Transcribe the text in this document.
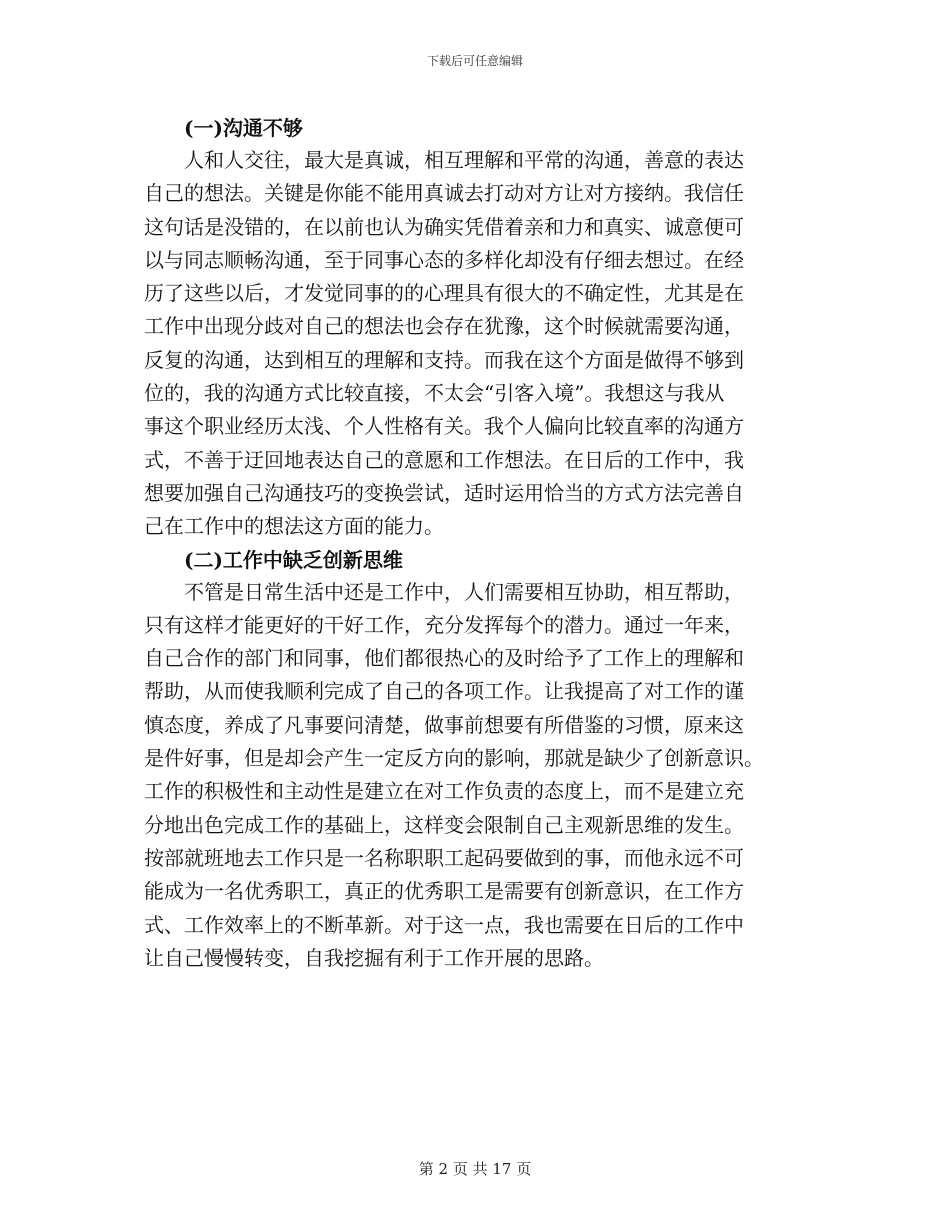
下载后可任意编辑
(一)沟通不够
人和人交往，最大是真诚，相互理解和平常的沟通，善意的表达
自己的想法。关键是你能不能用真诚去打动对方让对方接纳。我信任
这句话是没错的，在以前也认为确实凭借着亲和力和真实、诚意便可
以与同志顺畅沟通，至于同事心态的多样化却没有仔细去想过。在经
历了这些以后，才发觉同事的的心理具有很大的不确定性，尤其是在
工作中出现分歧对自己的想法也会存在犹豫，这个时候就需要沟通，
反复的沟通，达到相互的理解和支持。而我在这个方面是做得不够到
位的，我的沟通方式比较直接，不太会“引客入境”。我想这与我从
事这个职业经历太浅、个人性格有关。我个人偏向比较直率的沟通方
式，不善于迂回地表达自己的意愿和工作想法。在日后的工作中，我
想要加强自己沟通技巧的变换尝试，适时运用恰当的方式方法完善自
己在工作中的想法这方面的能力。
(二)工作中缺乏创新思维
不管是日常生活中还是工作中，人们需要相互协助，相互帮助，
只有这样才能更好的干好工作，充分发挥每个的潜力。通过一年来，
自己合作的部门和同事，他们都很热心的及时给予了工作上的理解和
帮助，从而使我顺利完成了自己的各项工作。让我提高了对工作的谨
慎态度，养成了凡事要问清楚，做事前想要有所借鉴的习惯，原来这
是件好事，但是却会产生一定反方向的影响，那就是缺少了创新意识。
工作的积极性和主动性是建立在对工作负责的态度上，而不是建立充
分地出色完成工作的基础上，这样变会限制自己主观新思维的发生。
按部就班地去工作只是一名称职职工起码要做到的事，而他永远不可
能成为一名优秀职工，真正的优秀职工是需要有创新意识，在工作方
式、工作效率上的不断革新。对于这一点，我也需要在日后的工作中
让自己慢慢转变，自我挖掘有利于工作开展的思路。
第 2 页 共 17 页
